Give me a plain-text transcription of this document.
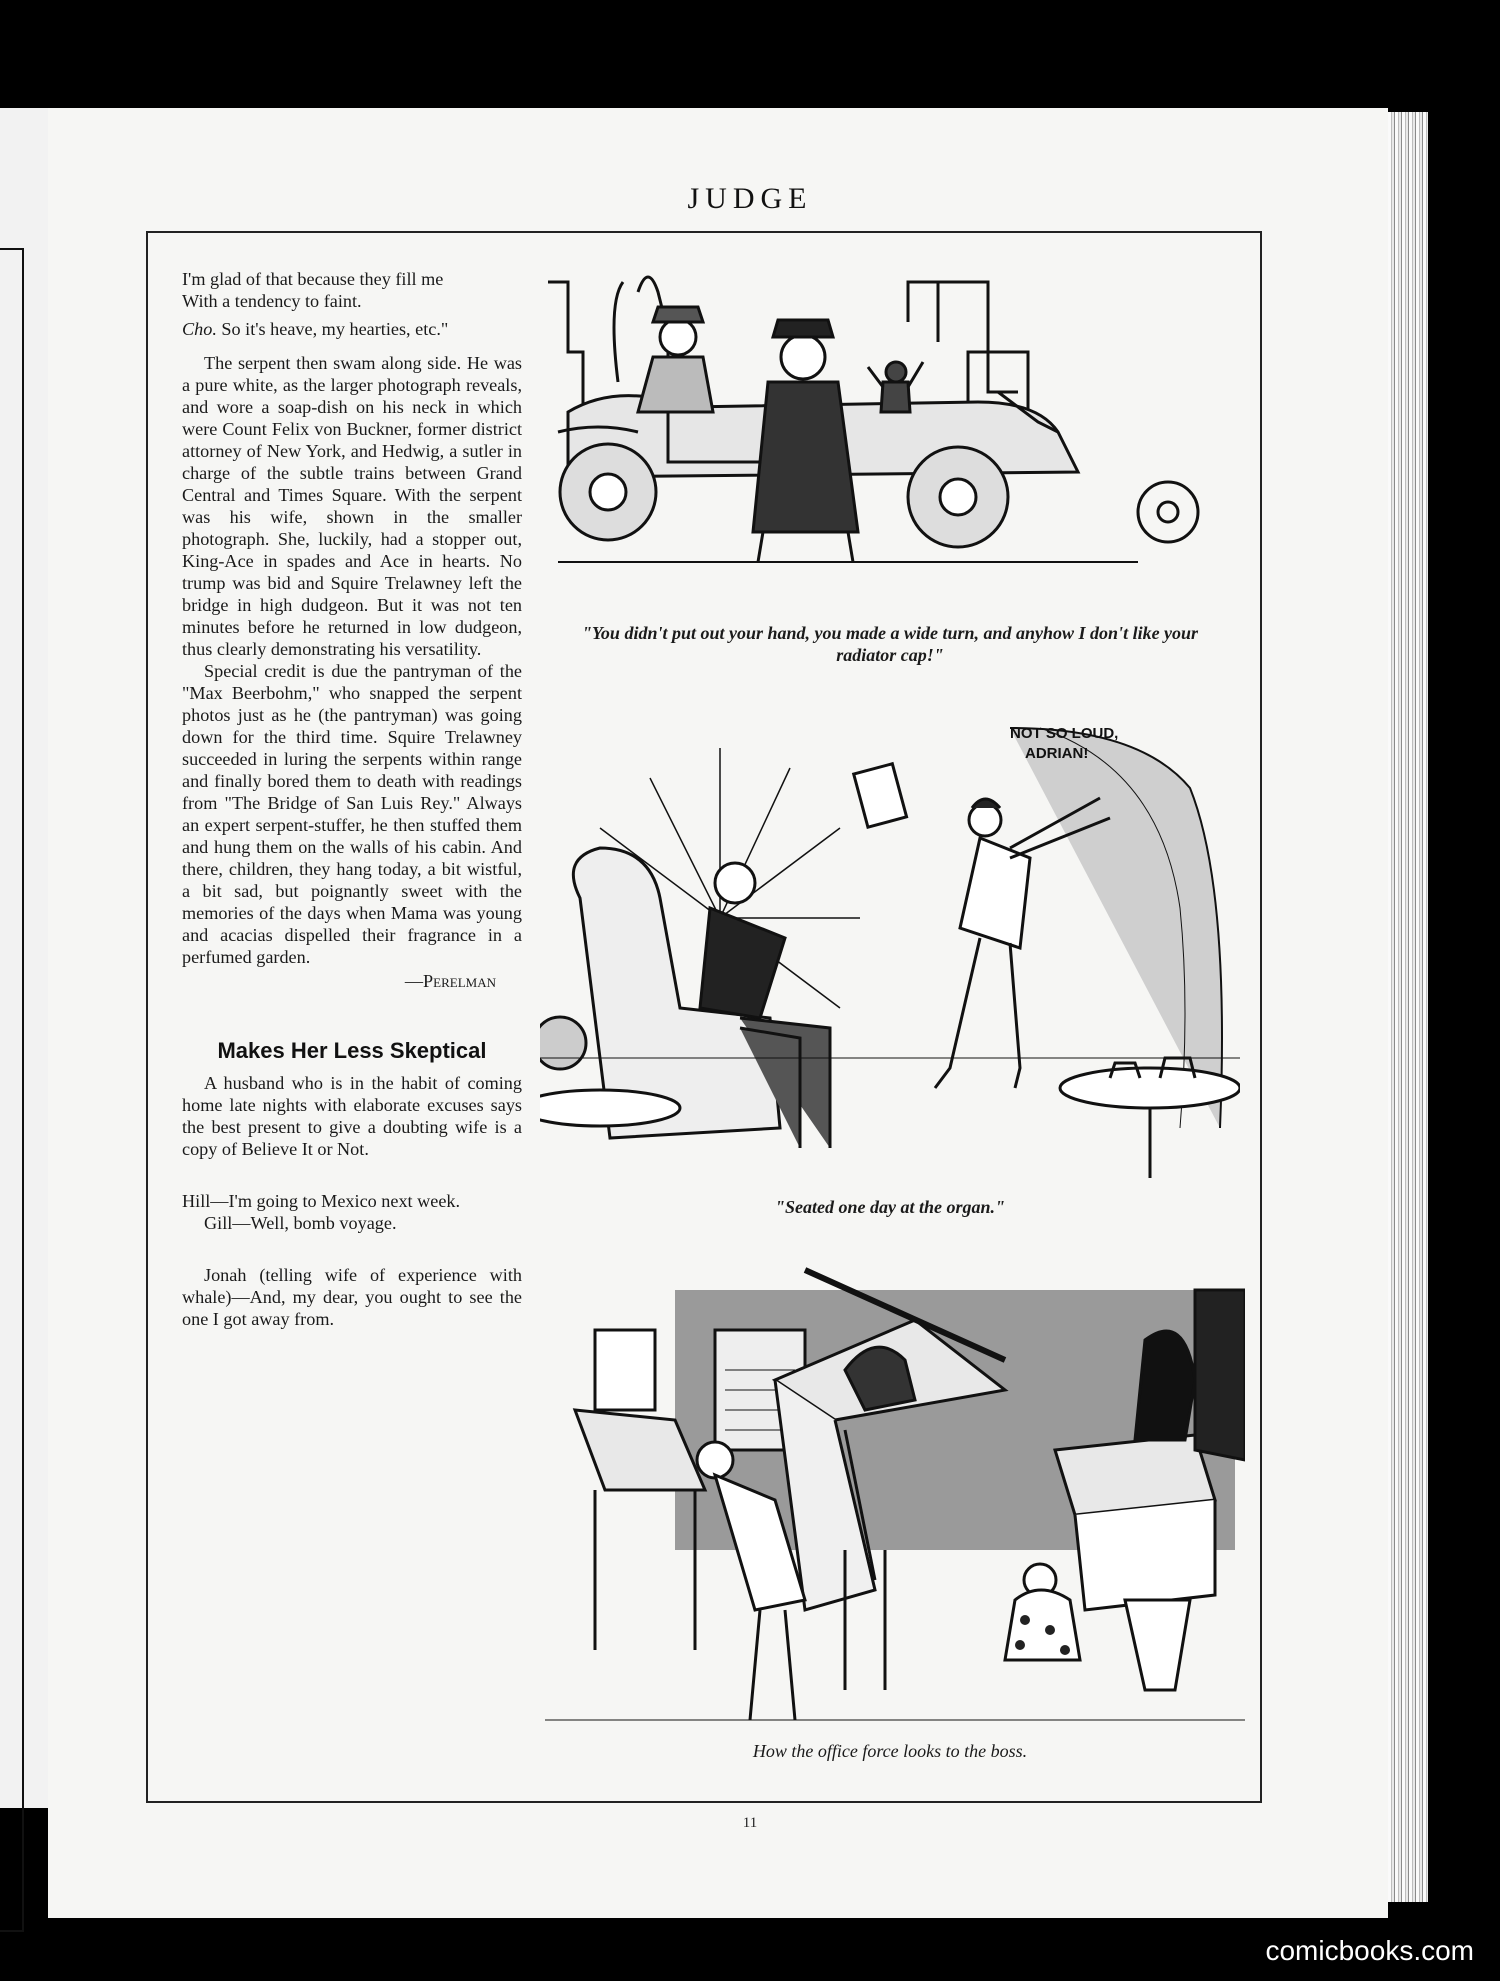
JUDGE

I'm glad of that because they fill me

With a tendency to faint.

Cho. So it's heave, my hearties, etc."

The serpent then swam along side. He was a pure white, as the larger photograph reveals, and wore a soap-dish on his neck in which were Count Felix von Buckner, former district attorney of New York, and Hedwig, a sutler in charge of the subtle trains between Grand Central and Times Square. With the serpent was his wife, shown in the smaller photograph. She, luckily, had a stopper out, King-Ace in spades and Ace in hearts. No trump was bid and Squire Trelawney left the bridge in high dudgeon. But it was not ten minutes before he returned in low dudgeon, thus clearly demonstrating his versatility.

Special credit is due the pantryman of the "Max Beerbohm," who snapped the serpent photos just as he (the pantryman) was going down for the third time. Squire Trelawney succeeded in luring the serpents within range and finally bored them to death with readings from "The Bridge of San Luis Rey." Always an expert serpent-stuffer, he then stuffed them and hung them on the walls of his cabin. And there, children, they hang today, a bit wistful, a bit sad, but poignantly sweet with the memories of the days when Mama was young and acacias dispelled their fragrance in a perfumed garden.

—Perelman

Makes Her Less Skeptical

A husband who is in the habit of coming home late nights with elaborate excuses says the best present to give a doubting wife is a copy of Believe It or Not.

Hill—I'm going to Mexico next week.

Gill—Well, bomb voyage.

Jonah (telling wife of experience with whale)—And, my dear, you ought to see the one I got away from.

"You didn't put out your hand, you made a wide turn, and anyhow I don't like your radiator cap!"
NOT SO LOUD,
ADRIAN!
"Seated one day at the organ."
How the office force looks to the boss.
11
comicbooks.com
